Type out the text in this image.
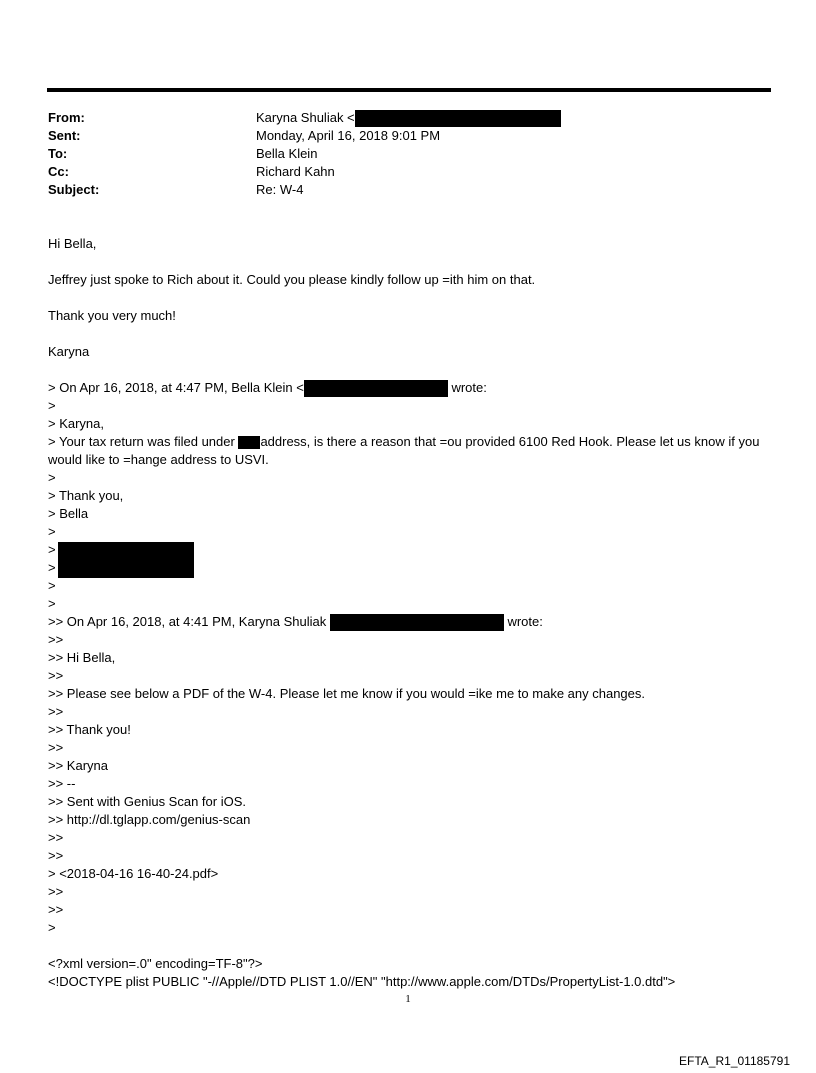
From:	Karyna Shuliak <
Sent:	Monday, April 16, 2018 9:01 PM
To:	Bella Klein
Cc:	Richard Kahn
Subject:	Re: W-4
Hi Bella,
Jeffrey just spoke to Rich about it. Could you please kindly follow up =ith him on that.
Thank you very much!
Karyna
> On Apr 16, 2018, at 4:47 PM, Bella Klein <	wrote:
>
> Karyna,
> Your tax return was filed under address, is there a reason that =ou provided 6100 Red Hook. Please let us know if you would like to =hange address to USVI.
>
> Thank you,
> Bella
>
>
>
>
>
>> On Apr 16, 2018, at 4:41 PM, Karyna Shuliak	wrote:
>>
>> Hi Bella,
>>
>> Please see below a PDF of the W-4. Please let me know if you would =ike me to make any changes.
>>
>> Thank you!
>>
>> Karyna
>> --
>> Sent with Genius Scan for iOS.
>> http://dl.tglapp.com/genius-scan
>>
>>
> <2018-04-16 16-40-24.pdf>
>>
>>
>
<?xml version=.0" encoding=TF-8"?>
<!DOCTYPE plist PUBLIC "-//Apple//DTD PLIST 1.0//EN" "http://www.apple.com/DTDs/PropertyList-1.0.dtd">
1
EFTA_R1_01185791
